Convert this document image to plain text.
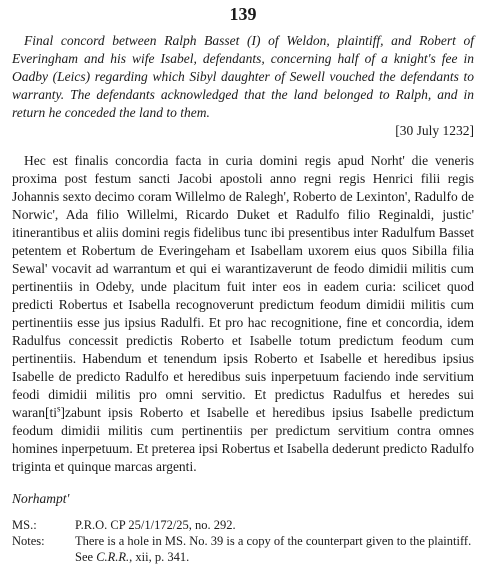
139
Final concord between Ralph Basset (I) of Weldon, plaintiff, and Robert of Everingham and his wife Isabel, defendants, concerning half of a knight's fee in Oadby (Leics) regarding which Sibyl daughter of Sewell vouched the defendants to warranty. The defendants acknowledged that the land belonged to Ralph, and in return he conceded the land to them.
[30 July 1232]
Hec est finalis concordia facta in curia domini regis apud Norht' die veneris proxima post festum sancti Jacobi apostoli anno regni regis Henrici filii regis Johannis sexto decimo coram Willelmo de Ralegh', Roberto de Lexinton', Radulfo de Norwic', Ada filio Willelmi, Ricardo Duket et Radulfo filio Reginaldi, justic' itinerantibus et aliis domini regis fidelibus tunc ibi presentibus inter Radulfum Basset petentem et Robertum de Everingeham et Isabellam uxorem eius quos Sibilla filia Sewal' vocavit ad warrantum et qui ei warantizaverunt de feodo dimidii militis cum pertinentiis in Odeby, unde placitum fuit inter eos in eadem curia: scilicet quod predicti Robertus et Isabella recognoverunt predictum feodum dimidii militis cum pertinentiis esse jus ipsius Radulfi. Et pro hac recognitione, fine et concordia, idem Radulfus concessit predictis Roberto et Isabelle totum predictum feodum cum pertinentiis. Habendum et tenendum ipsis Roberto et Isabelle et heredibus ipsius Isabelle de predicto Radulfo et heredibus suis inperpetuum faciendo inde servitium feodi dimidii militis pro omni servitio. Et predictus Radulfus et heredes sui $waran[ti^s]zabunt$ ipsis Roberto et Isabelle et heredibus ipsius Isabelle predictum feodum dimidii militis cum pertinentiis per predictum servitium contra omnes homines inperpetuum. Et preterea ipsi Robertus et Isabella dederunt predicto Radulfo triginta et quinque marcas argenti.
Norhampt'
MS.:	P.R.O. CP 25/1/172/25, no. 292.
Notes:	There is a hole in MS. No. 39 is a copy of the counterpart given to the plaintiff. See C.R.R., xii, p. 341.
